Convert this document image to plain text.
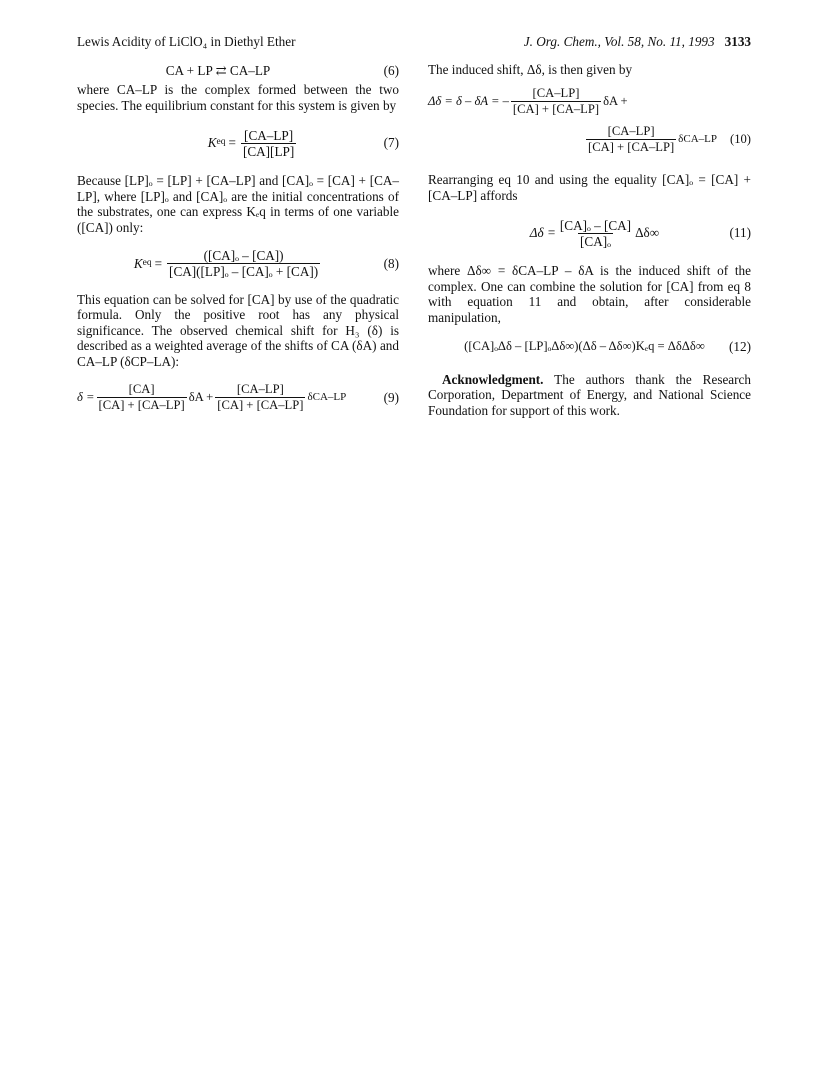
Lewis Acidity of LiClO₄ in Diethyl Ether	J. Org. Chem., Vol. 58, No. 11, 1993 3133
CA + LP ⇄ CA–LP	(6)

where CA–LP is the complex formed between the two species. The equilibrium constant for this system is given by

K eq = $\frac{[CA-LP]}{[CA][LP]}$	(7)

Because [LP]ₒ = [LP] + [CA–LP] and [CA]ₒ = [CA] + [CA–LP], where [LP]ₒ and [CA]ₒ are the initial concentrations of the substrates, one can express Kₑq in terms of one variable ([CA]) only:

K eq = $\frac{\text{([CA]ₒ – [CA])}}{\text{[CA]([LP]ₒ – [CA]ₒ + [CA])}}$	(8)

This equation can be solved for [CA] by use of the quadratic formula. Only the positive root has any physical significance. The observed chemical shift for H₃ (δ) is described as a weighted average of the shifts of CA (δA) and CA–LP (δCP–LA):

$\delta = \frac{[CA]}{[CA] + [CA-LP]}$ $\delta A + \frac{[CA-LP]}{[CA] + [CA-LP]} \delta CA-LP$	(9)

The induced shift, Δδ, is then given by

Δδ = δ – δA = – $\frac{[CA-LP]}{[CA] + [CA-LP]}$ δA +
$\frac{[CA-LP]}{[CA] + [CA-LP]} \delta CA-LP$ (10)

Rearranging eq 10 and using the equality [CA]ₒ = [CA] + [CA–LP] affords

$\Delta\delta = \frac{\text{[CA]ₒ – [CA]}}{\text{[CA]ₒ}} \Delta\delta\infty$	(11)

where Δδ∞ = δCA–LP – δA is the induced shift of the complex. One can combine the solution for [CA] from eq 8 with equation 11 and obtain, after considerable manipulation,

([CA]ₒΔδ – [LP]ₒΔδ∞)(Δδ – Δδ∞)Kₑq = ΔδΔδ∞ (12)

Acknowledgment. The authors thank the Research Corporation, Department of Energy, and National Science Foundation for support of this work.
